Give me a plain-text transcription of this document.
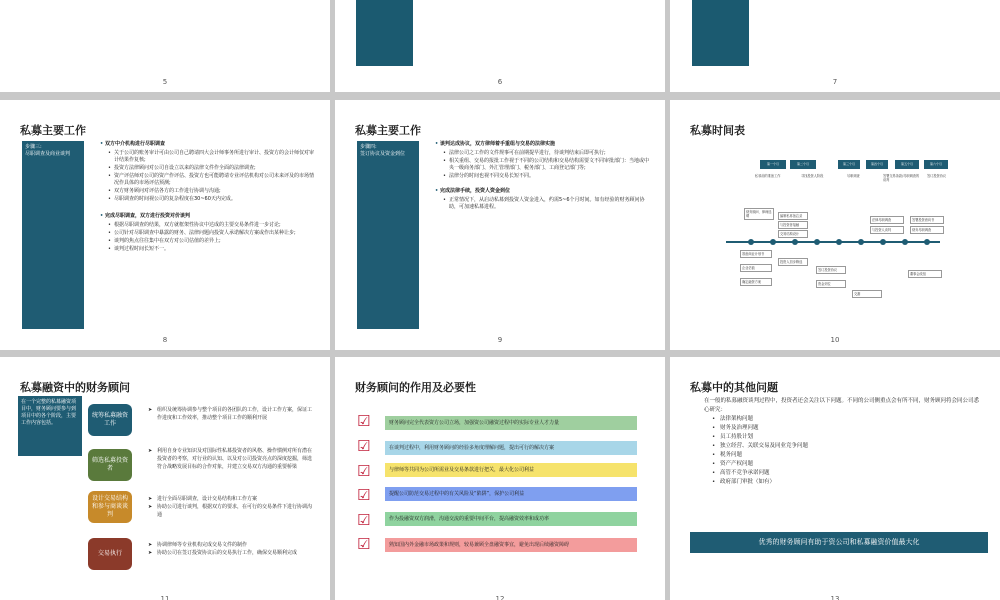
5	6	7
私募主要工作
步骤三:
尽职调查及商业谈判
• 双方中介机构进行尽职调查
• 关于公司的账务审计可由公司自己聘请四大会计师事务所进行审计、投资方的会计师仅对审计结果作复核;
• 投资方法律顾问对公司自设立以来的法律文件作全面的法律调查;
• 资产评估师对公司的资产作评估、投资方也可能聘请专业评估机构对公司未来评及的市场情况作具体的市场评估预测;
• 双方财务顾问对评估各方的工作进行协调与沟通;
• 尽职调查的时间视公司的复杂程度在30~60天内完成。
• 完成尽职调查，双方进行投资对价谈判
• 根据尽职调查的结果，双方就框架性协议中达成的主要交易条件进一步讨论;
• 公司针对尽职调查中暴露的财务、法律问题向投资人承诺解决方案或作出某种让步;
• 谈判的焦点往往集中在双方对公司估值的差异上;
• 谈判过程时间长短不一。
8
私募主要工作
步骤四:
签订协议及资金到位
• 谈判达成协议，双方律师着手重组与交易的法律实施
• 法律公司之工作的文件规事可在前期提早进行，待谈判结束后即可执行;
• 相关重组、交易的报批工作视于不同的公司结构和交易结构需要文不同审批部门：当地或中央一级商务部门、外汇管理部门、税务部门、工商登记部门等;
• 法律分的时间也视不同交易长短不同。
• 完成法律手续，投资人资金到位
• 正常情况下，从启动私募到投资人资金进入，约需5~6个月时间。如有经验的财务顾问协助，可加速私募进程。
9
私募时间表
第一个月	第二个月	第三个月	第四个月	第五个月	第六个月
私募前的准备工作	寻找投资人阶段	尽职调查	签署交易条款/尽职调查的谈判
签订投资协议
财务顾问、律师选聘	编制私募备忘录
与投资者接触
交易结构设计
签署投资意向书
财务尽职调查
法律尽职调查
与投资人谈判
准备商业计划书
企业估值
确定融资方案
投资人初步筛选
签订投资协议
资金到位
交割
董事会改组
10
私募融资中的财务顾问
在一个完整的私募融资项目中，财务顾问要参与到项目中的各个阶段，主要工作内容包括。
统筹私募融资工作
➤ 组织及统筹协调参与整个项目的各团队的工作，设计工作方案，保证工作进度和工作效率，推动整个项目工作的顺利开展
筛选私募投资者
➤ 利用自身专业知识及对国际性私募投资者的风格、操作惯例对所有潜在投资者的考察，对行业的认知、以及对公司投资亮点的深度挖掘，筛选符合战略发展目标的合作对象，并建立交易双方沟通的重要桥梁
设计交易结构和参与商谈谈判
➤ 进行全面尽职调查，设计交易结构和工作方案
➤ 协助公司进行谈判，根据双方的要求，在可行的交易条件下进行协调沟通
交易执行
➤ 协调律师等专业机构完成交易文件的制作
➤ 协助公司在签订投资协议后的交易执行工作，确保交易顺利完成
11
财务顾问的作用及必要性
☑
财务顾问完全代表资方公司立场，加强资公司融资过程中的实际专业人才力量
☑
在谈判过程中，利用财务顾问的经验多角度理解问题，提出可行的解决方案
☑
与律师等共同为公司所需业及交易条款进行把关，最大化公司利益
☑
提醒公司防范交易过程中的有关风险及“陷阱”，保护公司利益
☑
作为投融资双方润滑，沟通交流的重要中间平台，提高融资效率和成功率
☑
熟知国内外金融市场政策和规则，较易兼顾全盘融资事宜，避免出现后续融资障碍
12
私募中的其他问题
在一般的私募融资谈判过程中，投资者还会关注以下问题。不同的公司侧重点会有所不同，财务顾问将会同公司悉心研究：
• 法律架构问题
• 财务及治理问题
• 员工持股计划
• 独立经营、关联交易及同业竞争问题
• 税务问题
• 资产产权问题
• 高管不竞争承诺问题
• 政府部门审批（如有）
优秀的财务顾问有助于资公司和私募融资价值最大化
13
